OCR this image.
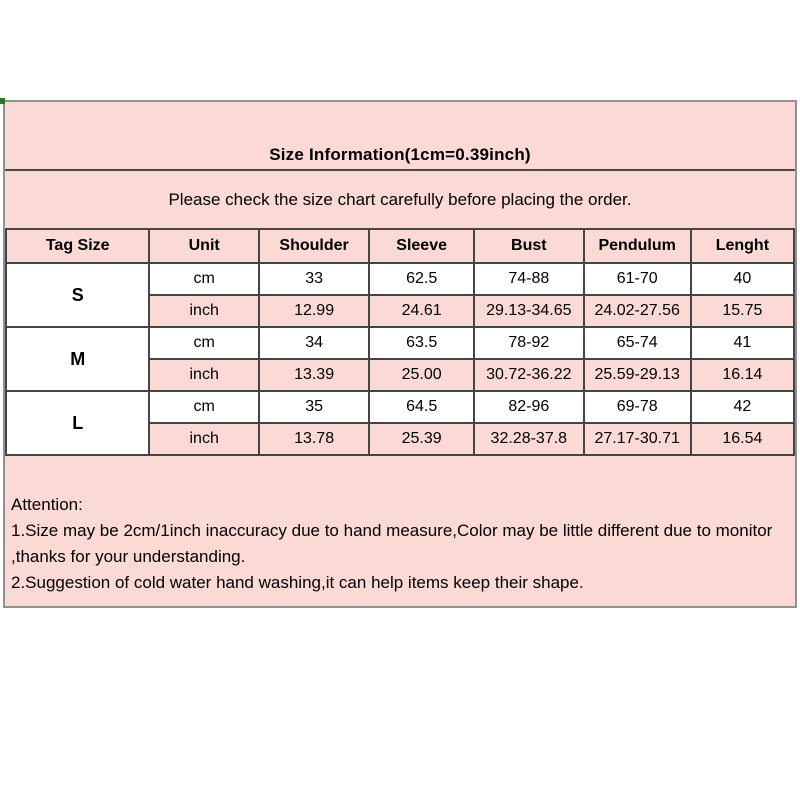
Size Information(1cm=0.39inch)
Please check the size chart carefully before placing the order.
Tag Size	Unit	Shoulder	Sleeve	Bust	Pendulum	Lenght
S	cm	33	62.5	74-88	61-70	40
	inch	12.99	24.61	29.13-34.65	24.02-27.56	15.75
M	cm	34	63.5	78-92	65-74	41
	inch	13.39	25.00	30.72-36.22	25.59-29.13	16.14
L	cm	35	64.5	82-96	69-78	42
	inch	13.78	25.39	32.28-37.8	27.17-30.71	16.54
Attention:
1.Size may be 2cm/1inch inaccuracy due to hand measure,Color may be little different due to monitor
,thanks for your understanding.
2.Suggestion of cold water hand washing,it can help items keep their shape.
